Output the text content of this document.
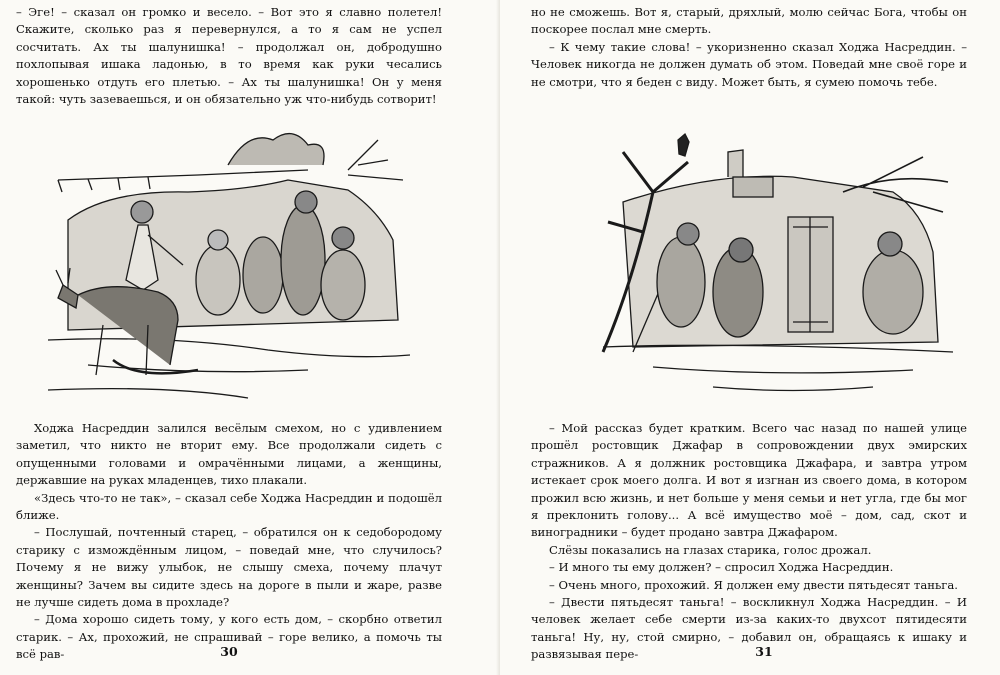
– Эге! – сказал он громко и весело. – Вот это я славно полетел! Скажите, сколько раз я перевернулся, а то я сам не успел сосчитать. Ах ты шалунишка! – продолжал он, добродушно похлопывая ишака ладонью, в то время как руки чесались хорошенько отдуть его плетью. – Ах ты шалунишка! Он у меня такой: чуть зазеваешься, и он обязательно уж что-нибудь сотворит!

Ходжа Насреддин залился весёлым смехом, но с удивлением заметил, что никто не вторит ему. Все продолжали сидеть с опущенными головами и омрачёнными лицами, а женщины, державшие на руках младенцев, тихо плакали.

«Здесь что-то не так», – сказал себе Ходжа Насреддин и подошёл ближе.

– Послушай, почтенный старец, – обратился он к седобородому старику с измождённым лицом, – поведай мне, что случилось? Почему я не вижу улыбок, не слышу смеха, почему плачут женщины? Зачем вы сидите здесь на дороге в пыли и жаре, разве не лучше сидеть дома в прохладе?

– Дома хорошо сидеть тому, у кого есть дом, – скорбно ответил старик. – Ах, прохожий, не спрашивай – горе велико, а помочь ты всё рав-	30

но не сможешь. Вот я, старый, дряхлый, молю сейчас Бога, чтобы он поскорее послал мне смерть.

– К чему такие слова! – укоризненно сказал Ходжа Насреддин. – Человек никогда не должен думать об этом. Поведай мне своё горе и не смотри, что я беден с виду. Может быть, я сумею помочь тебе.

– Мой рассказ будет кратким. Всего час назад по нашей улице прошёл ростовщик Джафар в сопровождении двух эмирских стражников. А я должник ростовщика Джафара, и завтра утром истекает срок моего долга. И вот я изгнан из своего дома, в котором прожил всю жизнь, и нет больше у меня семьи и нет угла, где бы мог я преклонить голову... А всё имущество моё – дом, сад, скот и виноградники – будет продано завтра Джафаром.

Слёзы показались на глазах старика, голос дрожал.

– И много ты ему должен? – спросил Ходжа Насреддин.

– Очень много, прохожий. Я должен ему двести пятьдесят таньга.

– Двести пятьдесят таньга! – воскликнул Ходжа Насреддин. – И человек желает себе смерти из-за каких-то двухсот пятидесяти таньга! Ну, ну, стой смирно, – добавил он, обращаясь к ишаку и развязывая пере-	31
